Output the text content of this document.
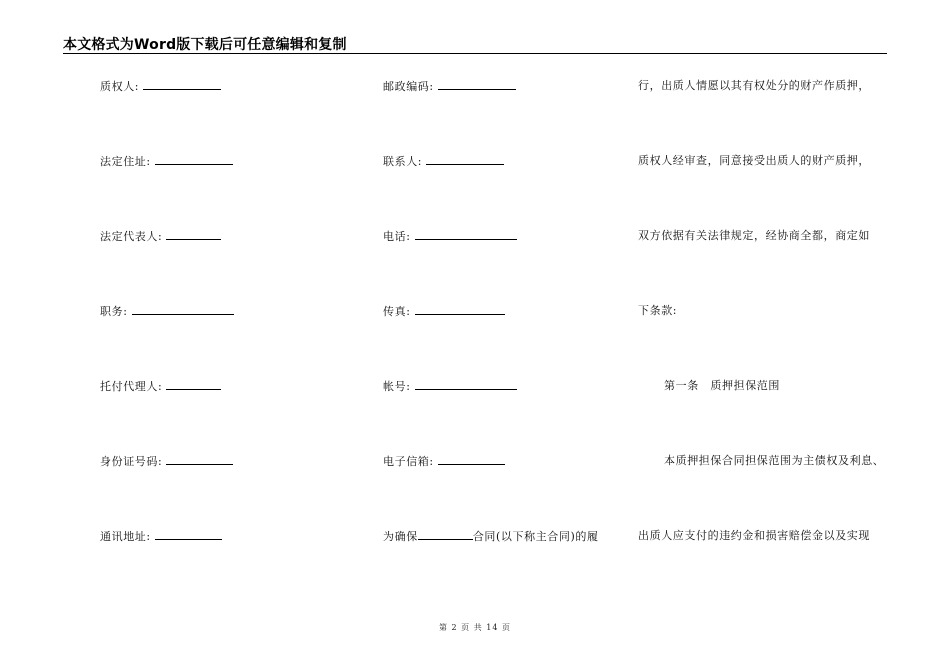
本文格式为Word版下载后可任意编辑和复制
质权人:
法定住址:
法定代表人:
职务:
托付代理人:
身份证号码:
通讯地址:
邮政编码:
联系人:
电话:
传真:
帐号:
电子信箱:
为确保	合同(以下称主合同)的履
行，出质人情愿以其有权处分的财产作质押，
质权人经审查，同意接受出质人的财产质押，
双方依据有关法律规定，经协商全都，商定如
下条款:
第一条　质押担保范围
本质押担保合同担保范围为主债权及利息、
出质人应支付的违约金和损害赔偿金以及实现
第 2 页 共 14 页
